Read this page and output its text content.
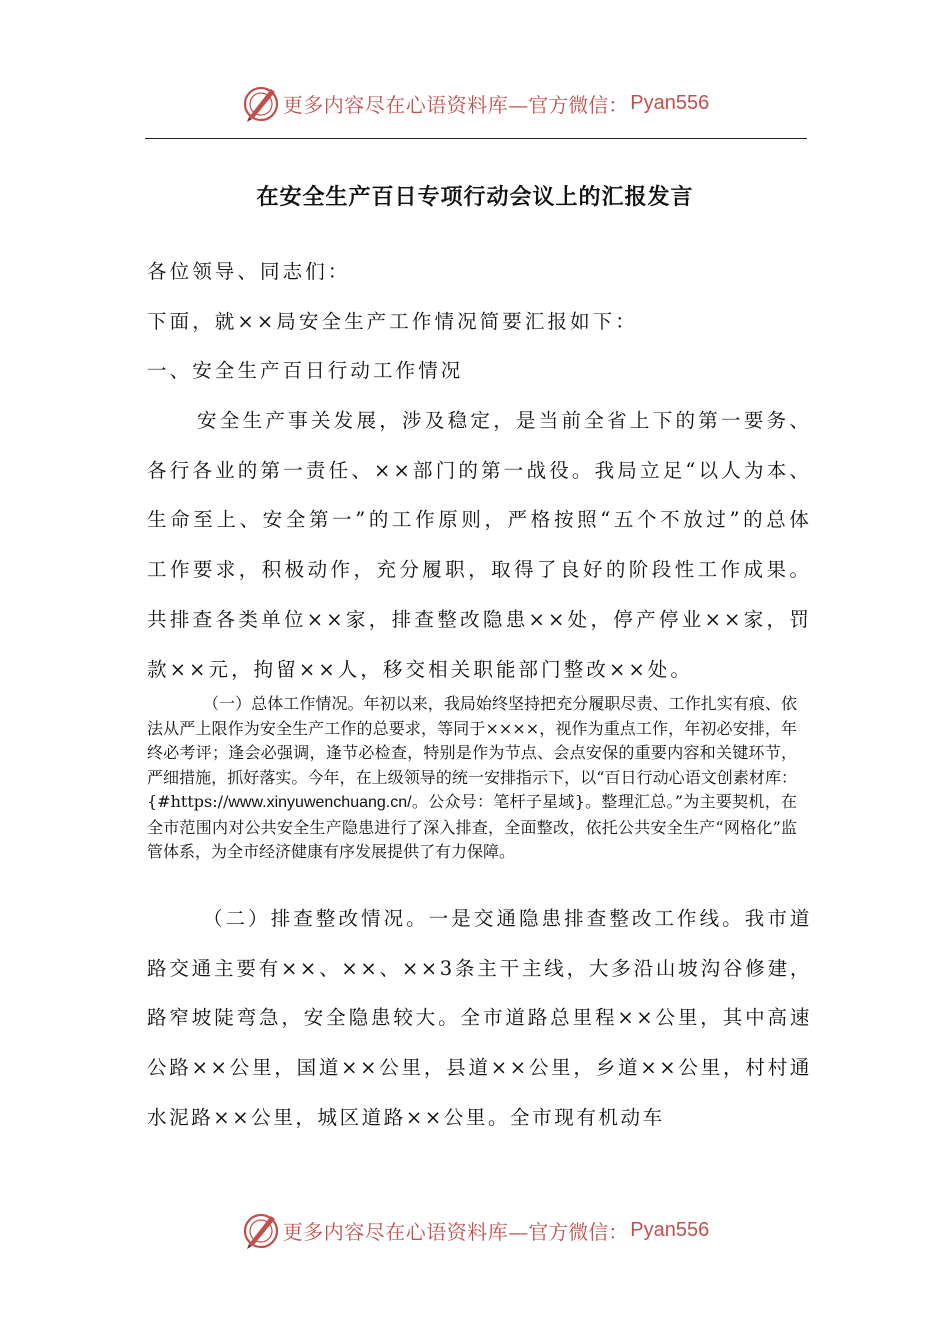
更多内容尽在心语资料库 —官方微信： Pyan556
在安全生产百日专项行动会议上的汇报发言

各位领导、同志们：

下面，就××局安全生产工作情况简要汇报如下：

一、安全生产百日行动工作情况

安全生产事关发展，涉及稳定，是当前全省上下的第一要务、各行各业的第一责任、××部门的第一战役。我局立足“以人为本、生命至上、安全第一”的工作原则，严格按照“五个不放过”的总体工作要求，积极动作，充分履职，取得了良好的阶段性工作成果。共排查各类单位××家，排查整改隐患××处，停产停业××家，罚款××元，拘留××人，移交相关职能部门整改××处。

（一）总体工作情况。年初以来，我局始终坚持把充分履职尽责、工作扎实有痕、依法从严上限作为安全生产工作的总要求，等同于××××，视作为重点工作，年初必安排，年终必考评；逢会必强调，逢节必检查，特别是作为节点、会点安保的重要内容和关键环节，严细措施，抓好落实。今年，在上级领导的统一安排指示下，以“百日行动心语文创素材库：{#https://www.xinyuwenchuang.cn/。公众号：笔杆子星域}。整理汇总。”为主要契机，在全市范围内对公共安全生产隐患进行了深入排查，全面整改，依托公共安全生产“网格化”监管体系，为全市经济健康有序发展提供了有力保障。

（二）排查整改情况。一是交通隐患排查整改工作线。我市道路交通主要有××、××、××3条主干主线，大多沿山坡沟谷修建，路窄坡陡弯急，安全隐患较大。全市道路总里程××公里，其中高速公路××公里，国道××公里，县道××公里，乡道××公里，村村通水泥路××公里，城区道路××公里。全市现有机动车

更多内容尽在心语资料库 —官方微信： Pyan556
